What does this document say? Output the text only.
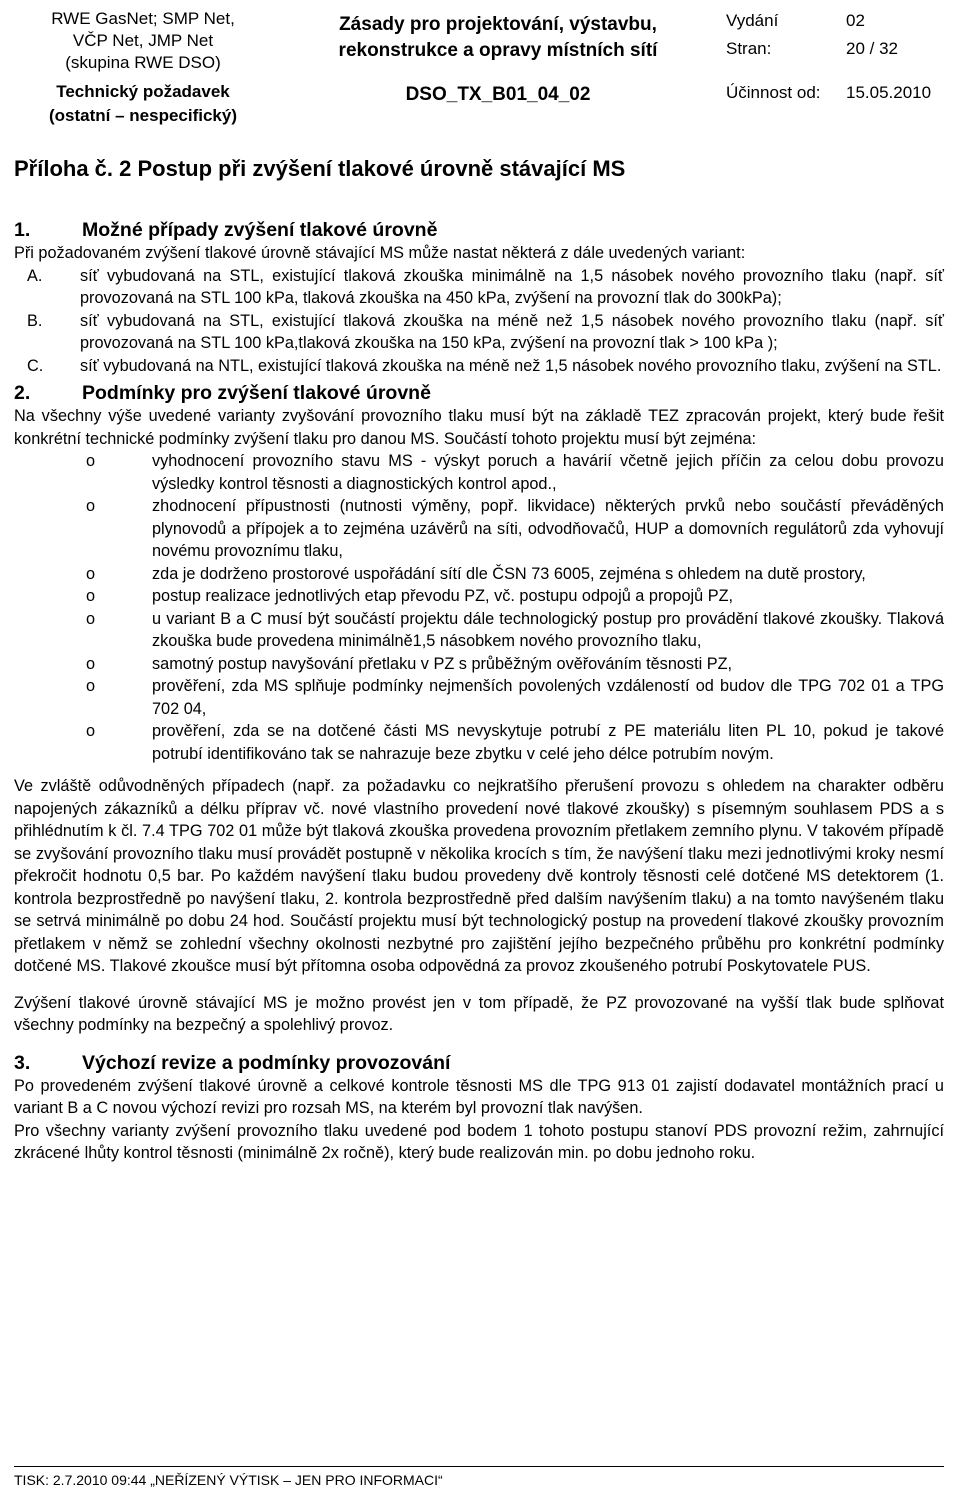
RWE GasNet; SMP Net,
VČP Net, JMP Net
(skupina RWE DSO)
Technický požadavek
(ostatní – nespecifický)
Zásady pro projektování, výstavbu,
rekonstrukce a opravy místních sítí
DSO_TX_B01_04_02
Vydání	02
Stran:	20 / 32
Účinnost od: 15.05.2010
Příloha č. 2 Postup při zvýšení tlakové úrovně stávající MS
1.	Možné případy zvýšení tlakové úrovně

Při požadovaném zvýšení tlakové úrovně stávající MS může nastat některá z dále uvedených variant:

A. síť vybudovaná na STL, existující tlaková zkouška minimálně na 1,5 násobek nového provozního tlaku (např. síť provozovaná na STL 100 kPa, tlaková zkouška na 450 kPa, zvýšení na provozní tlak do 300kPa);
B. síť vybudovaná na STL, existující tlaková zkouška na méně než 1,5 násobek nového provozního tlaku (např. síť provozovaná na STL 100 kPa,tlaková zkouška na 150 kPa, zvýšení na provozní tlak > 100 kPa );
C. síť vybudovaná na NTL, existující tlaková zkouška na méně než 1,5 násobek nového provozního tlaku, zvýšení na STL.
2.	Podmínky pro zvýšení tlakové úrovně

Na všechny výše uvedené varianty zvyšování provozního tlaku musí být na základě TEZ zpracován projekt, který bude řešit konkrétní technické podmínky zvýšení tlaku pro danou MS. Součástí tohoto projektu musí být zejména:

o	vyhodnocení provozního stavu MS - výskyt poruch a havárií včetně jejich příčin za celou dobu provozu výsledky kontrol těsnosti a diagnostických kontrol apod.,
o	zhodnocení přípustnosti (nutnosti výměny, popř. likvidace) některých prvků nebo součástí převáděných plynovodů a přípojek a to zejména uzávěrů na síti, odvodňovačů, HUP a domovních regulátorů zda vyhovují novému provoznímu tlaku,
o	zda je dodrženo prostorové uspořádání sítí dle ČSN 73 6005, zejména s ohledem na dutě prostory,
o	postup realizace jednotlivých etap převodu PZ, vč. postupu odpojů a propojů PZ,
o	u variant B a C musí být součástí projektu dále technologický postup pro provádění tlakové zkoušky. Tlaková zkouška bude provedena minimálně1,5 násobkem nového provozního tlaku,
o	samotný postup navyšování přetlaku v PZ s průběžným ověřováním těsnosti PZ,
o	prověření, zda MS splňuje podmínky nejmenších povolených vzdáleností od budov dle TPG 702 01 a TPG 702 04,
o	prověření, zda se na dotčené části MS nevyskytuje potrubí z PE materiálu liten PL 10, pokud je takové potrubí identifikováno tak se nahrazuje beze zbytku v celé jeho délce potrubím novým.

Ve zvláště odůvodněných případech (např. za požadavku co nejkratšího přerušení provozu s ohledem na charakter odběru napojených zákazníků a délku příprav vč. nové vlastního provedení nové tlakové zkoušky) s písemným souhlasem PDS a s přihlédnutím k čl. 7.4 TPG 702 01 může být tlaková zkouška provedena provozním přetlakem zemního plynu. V takovém případě se zvyšování provozního tlaku musí provádět postupně v několika krocích s tím, že navýšení tlaku mezi jednotlivými kroky nesmí překročit hodnotu 0,5 bar. Po každém navýšení tlaku budou provedeny dvě kontroly těsnosti celé dotčené MS detektorem (1. kontrola bezprostředně po navýšení tlaku, 2. kontrola bezprostředně před dalším navýšením tlaku) a na tomto navýšeném tlaku se setrvá minimálně po dobu 24 hod. Součástí projektu musí být technologický postup na provedení tlakové zkoušky provozním přetlakem v němž se zohlední všechny okolnosti nezbytné pro zajištění jejího bezpečného průběhu pro konkrétní podmínky dotčené MS. Tlakové zkoušce musí být přítomna osoba odpovědná za provoz zkoušeného potrubí Poskytovatele PUS.

Zvýšení tlakové úrovně stávající MS je možno provést jen v tom případě, že PZ provozované na vyšší tlak bude splňovat všechny podmínky na bezpečný a spolehlivý provoz.

3.	Výchozí revize a podmínky provozování

Po provedeném zvýšení tlakové úrovně a celkové kontrole těsnosti MS dle TPG 913 01 zajistí dodavatel montážních prací u variant B a C novou výchozí revizi pro rozsah MS, na kterém byl provozní tlak navýšen.

Pro všechny varianty zvýšení provozního tlaku uvedené pod bodem 1 tohoto postupu stanoví PDS provozní režim, zahrnující zkrácené lhůty kontrol těsnosti (minimálně 2x ročně), který bude realizován min. po dobu jednoho roku.

TISK: 2.7.2010 09:44 „NEŘÍZENÝ VÝTISK – JEN PRO INFORMACI“
